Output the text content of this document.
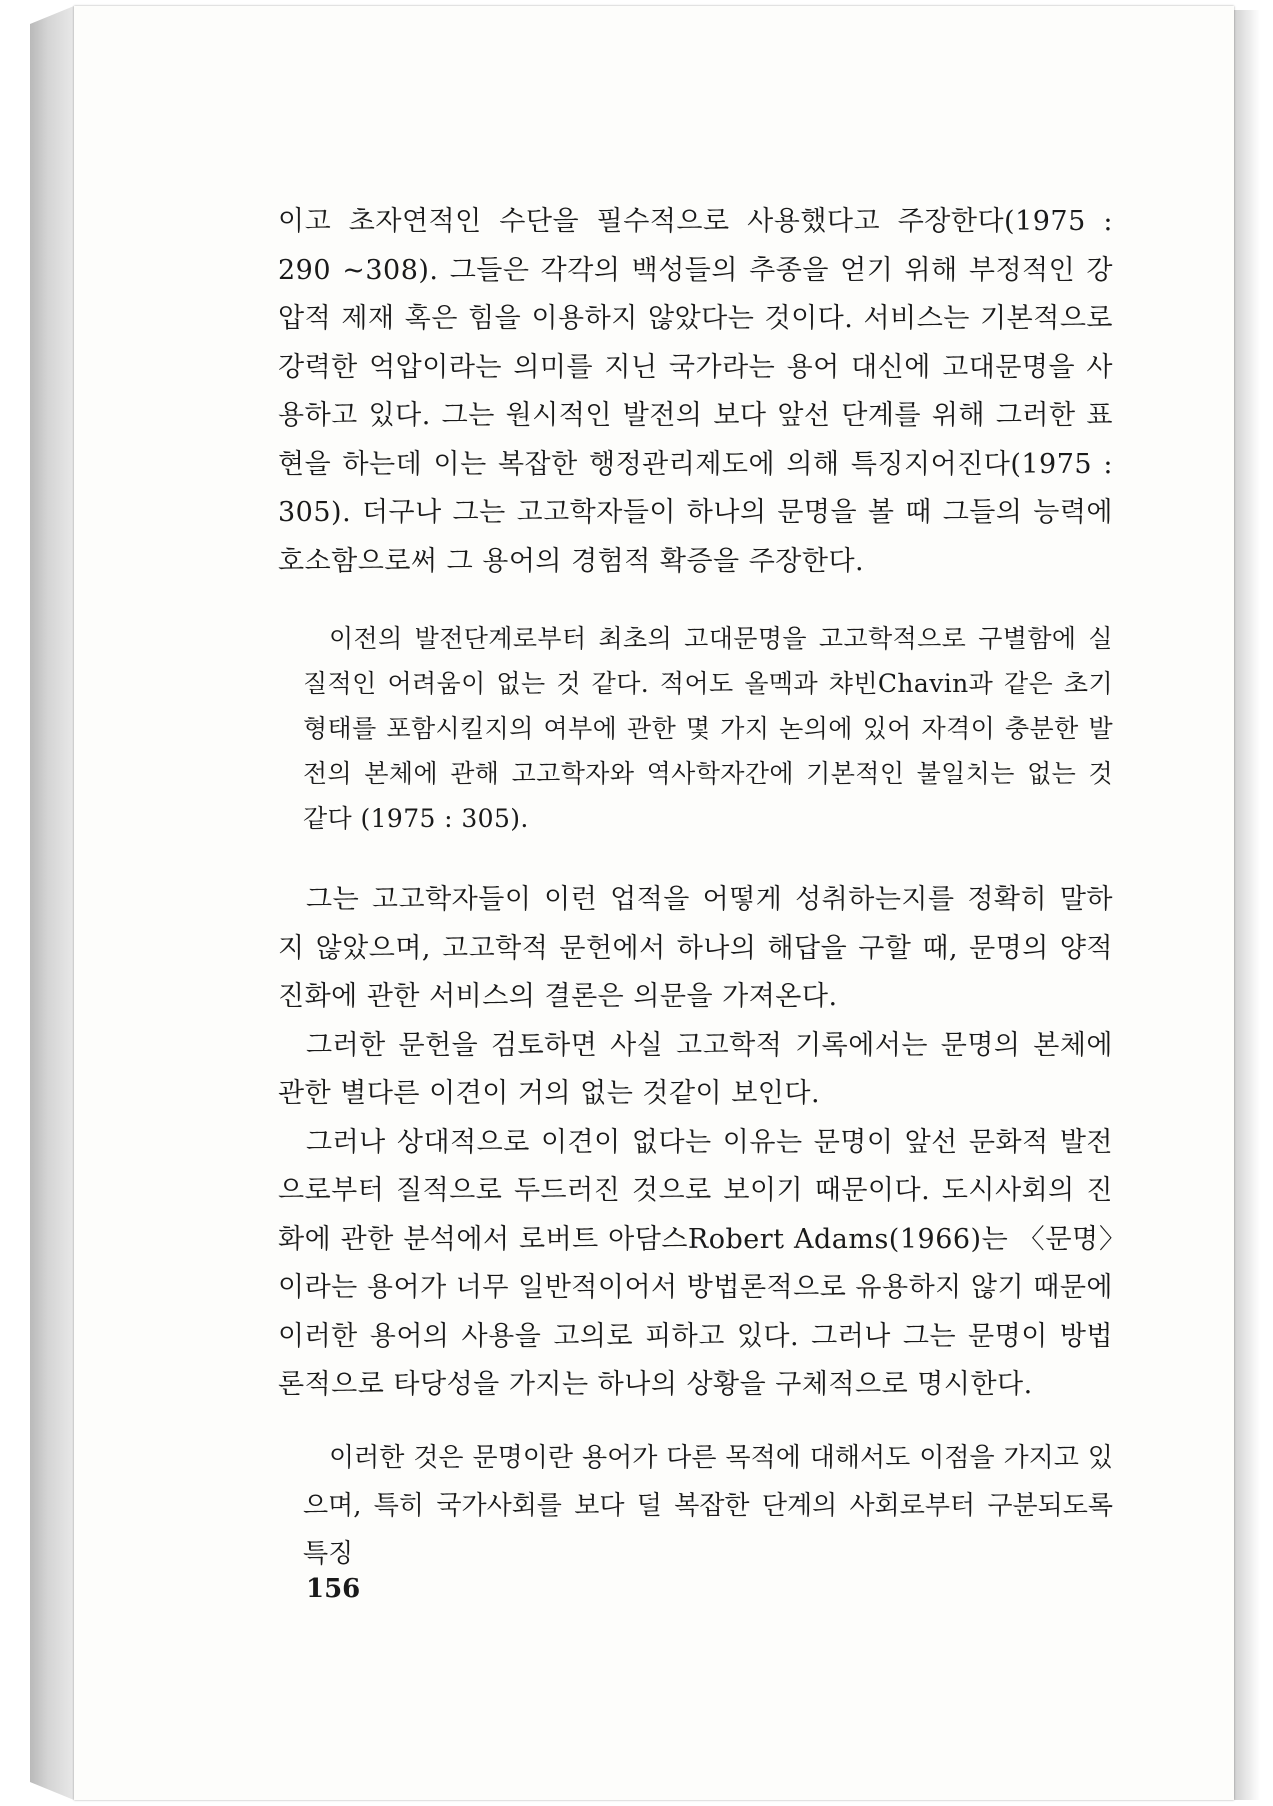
이고 초자연적인 수단을 필수적으로 사용했다고 주장한다(1975 : 290 ~308). 그들은 각각의 백성들의 추종을 얻기 위해 부정적인 강압적 제재 혹은 힘을 이용하지 않았다는 것이다. 서비스는 기본적으로 강력한 억압이라는 의미를 지닌 국가라는 용어 대신에 고대문명을 사용하고 있다. 그는 원시적인 발전의 보다 앞선 단계를 위해 그러한 표현을 하는데 이는 복잡한 행정관리제도에 의해 특징지어진다(1975 : 305). 더구나 그는 고고학자들이 하나의 문명을 볼 때 그들의 능력에 호소함으로써 그 용어의 경험적 확증을 주장한다.

이전의 발전단계로부터 최초의 고대문명을 고고학적으로 구별함에 실질적인 어려움이 없는 것 같다. 적어도 올멕과 챠빈Chavin과 같은 초기 형태를 포함시킬지의 여부에 관한 몇 가지 논의에 있어 자격이 충분한 발전의 본체에 관해 고고학자와 역사학자간에 기본적인 불일치는 없는 것 같다 (1975 : 305).

그는 고고학자들이 이런 업적을 어떻게 성취하는지를 정확히 말하지 않았으며, 고고학적 문헌에서 하나의 해답을 구할 때, 문명의 양적 진화에 관한 서비스의 결론은 의문을 가져온다.

그러한 문헌을 검토하면 사실 고고학적 기록에서는 문명의 본체에 관한 별다른 이견이 거의 없는 것같이 보인다.

그러나 상대적으로 이견이 없다는 이유는 문명이 앞선 문화적 발전으로부터 질적으로 두드러진 것으로 보이기 때문이다. 도시사회의 진화에 관한 분석에서 로버트 아담스Robert Adams(1966)는 〈문명〉이라는 용어가 너무 일반적이어서 방법론적으로 유용하지 않기 때문에 이러한 용어의 사용을 고의로 피하고 있다. 그러나 그는 문명이 방법론적으로 타당성을 가지는 하나의 상황을 구체적으로 명시한다.

이러한 것은 문명이란 용어가 다른 목적에 대해서도 이점을 가지고 있으며, 특히 국가사회를 보다 덜 복잡한 단계의 사회로부터 구분되도록 특징

156
